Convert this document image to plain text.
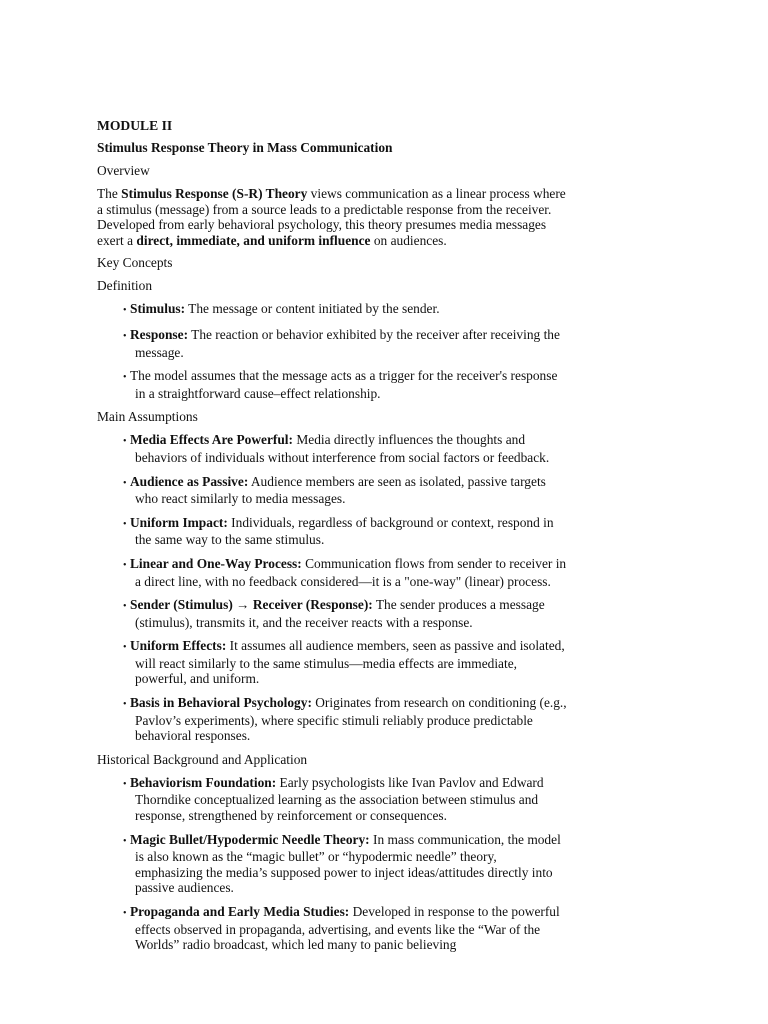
MODULE II
Stimulus Response Theory in Mass Communication
Overview

The Stimulus Response (S-R) Theory views communication as a linear process where a stimulus (message) from a source leads to a predictable response from the receiver. Developed from early behavioral psychology, this theory presumes media messages exert a direct, immediate, and uniform influence on audiences.

Key Concepts
Definition
• Stimulus: The message or content initiated by the sender.
• Response: The reaction or behavior exhibited by the receiver after receiving the message.
• The model assumes that the message acts as a trigger for the receiver's response in a straightforward cause–effect relationship.
Main Assumptions
• Media Effects Are Powerful: Media directly influences the thoughts and behaviors of individuals without interference from social factors or feedback.
• Audience as Passive: Audience members are seen as isolated, passive targets who react similarly to media messages.
• Uniform Impact: Individuals, regardless of background or context, respond in the same way to the same stimulus.
• Linear and One-Way Process: Communication flows from sender to receiver in a direct line, with no feedback considered—it is a "one-way" (linear) process.
• Sender (Stimulus) → Receiver (Response): The sender produces a message (stimulus), transmits it, and the receiver reacts with a response.
• Uniform Effects: It assumes all audience members, seen as passive and isolated, will react similarly to the same stimulus—media effects are immediate, powerful, and uniform.
• Basis in Behavioral Psychology: Originates from research on conditioning (e.g., Pavlov’s experiments), where specific stimuli reliably produce predictable behavioral responses.
Historical Background and Application
• Behaviorism Foundation: Early psychologists like Ivan Pavlov and Edward Thorndike conceptualized learning as the association between stimulus and response, strengthened by reinforcement or consequences.
• Magic Bullet/Hypodermic Needle Theory: In mass communication, the model is also known as the “magic bullet” or “hypodermic needle” theory, emphasizing the media’s supposed power to inject ideas/attitudes directly into passive audiences.
• Propaganda and Early Media Studies: Developed in response to the powerful effects observed in propaganda, advertising, and events like the “War of the Worlds” radio broadcast, which led many to panic believing
